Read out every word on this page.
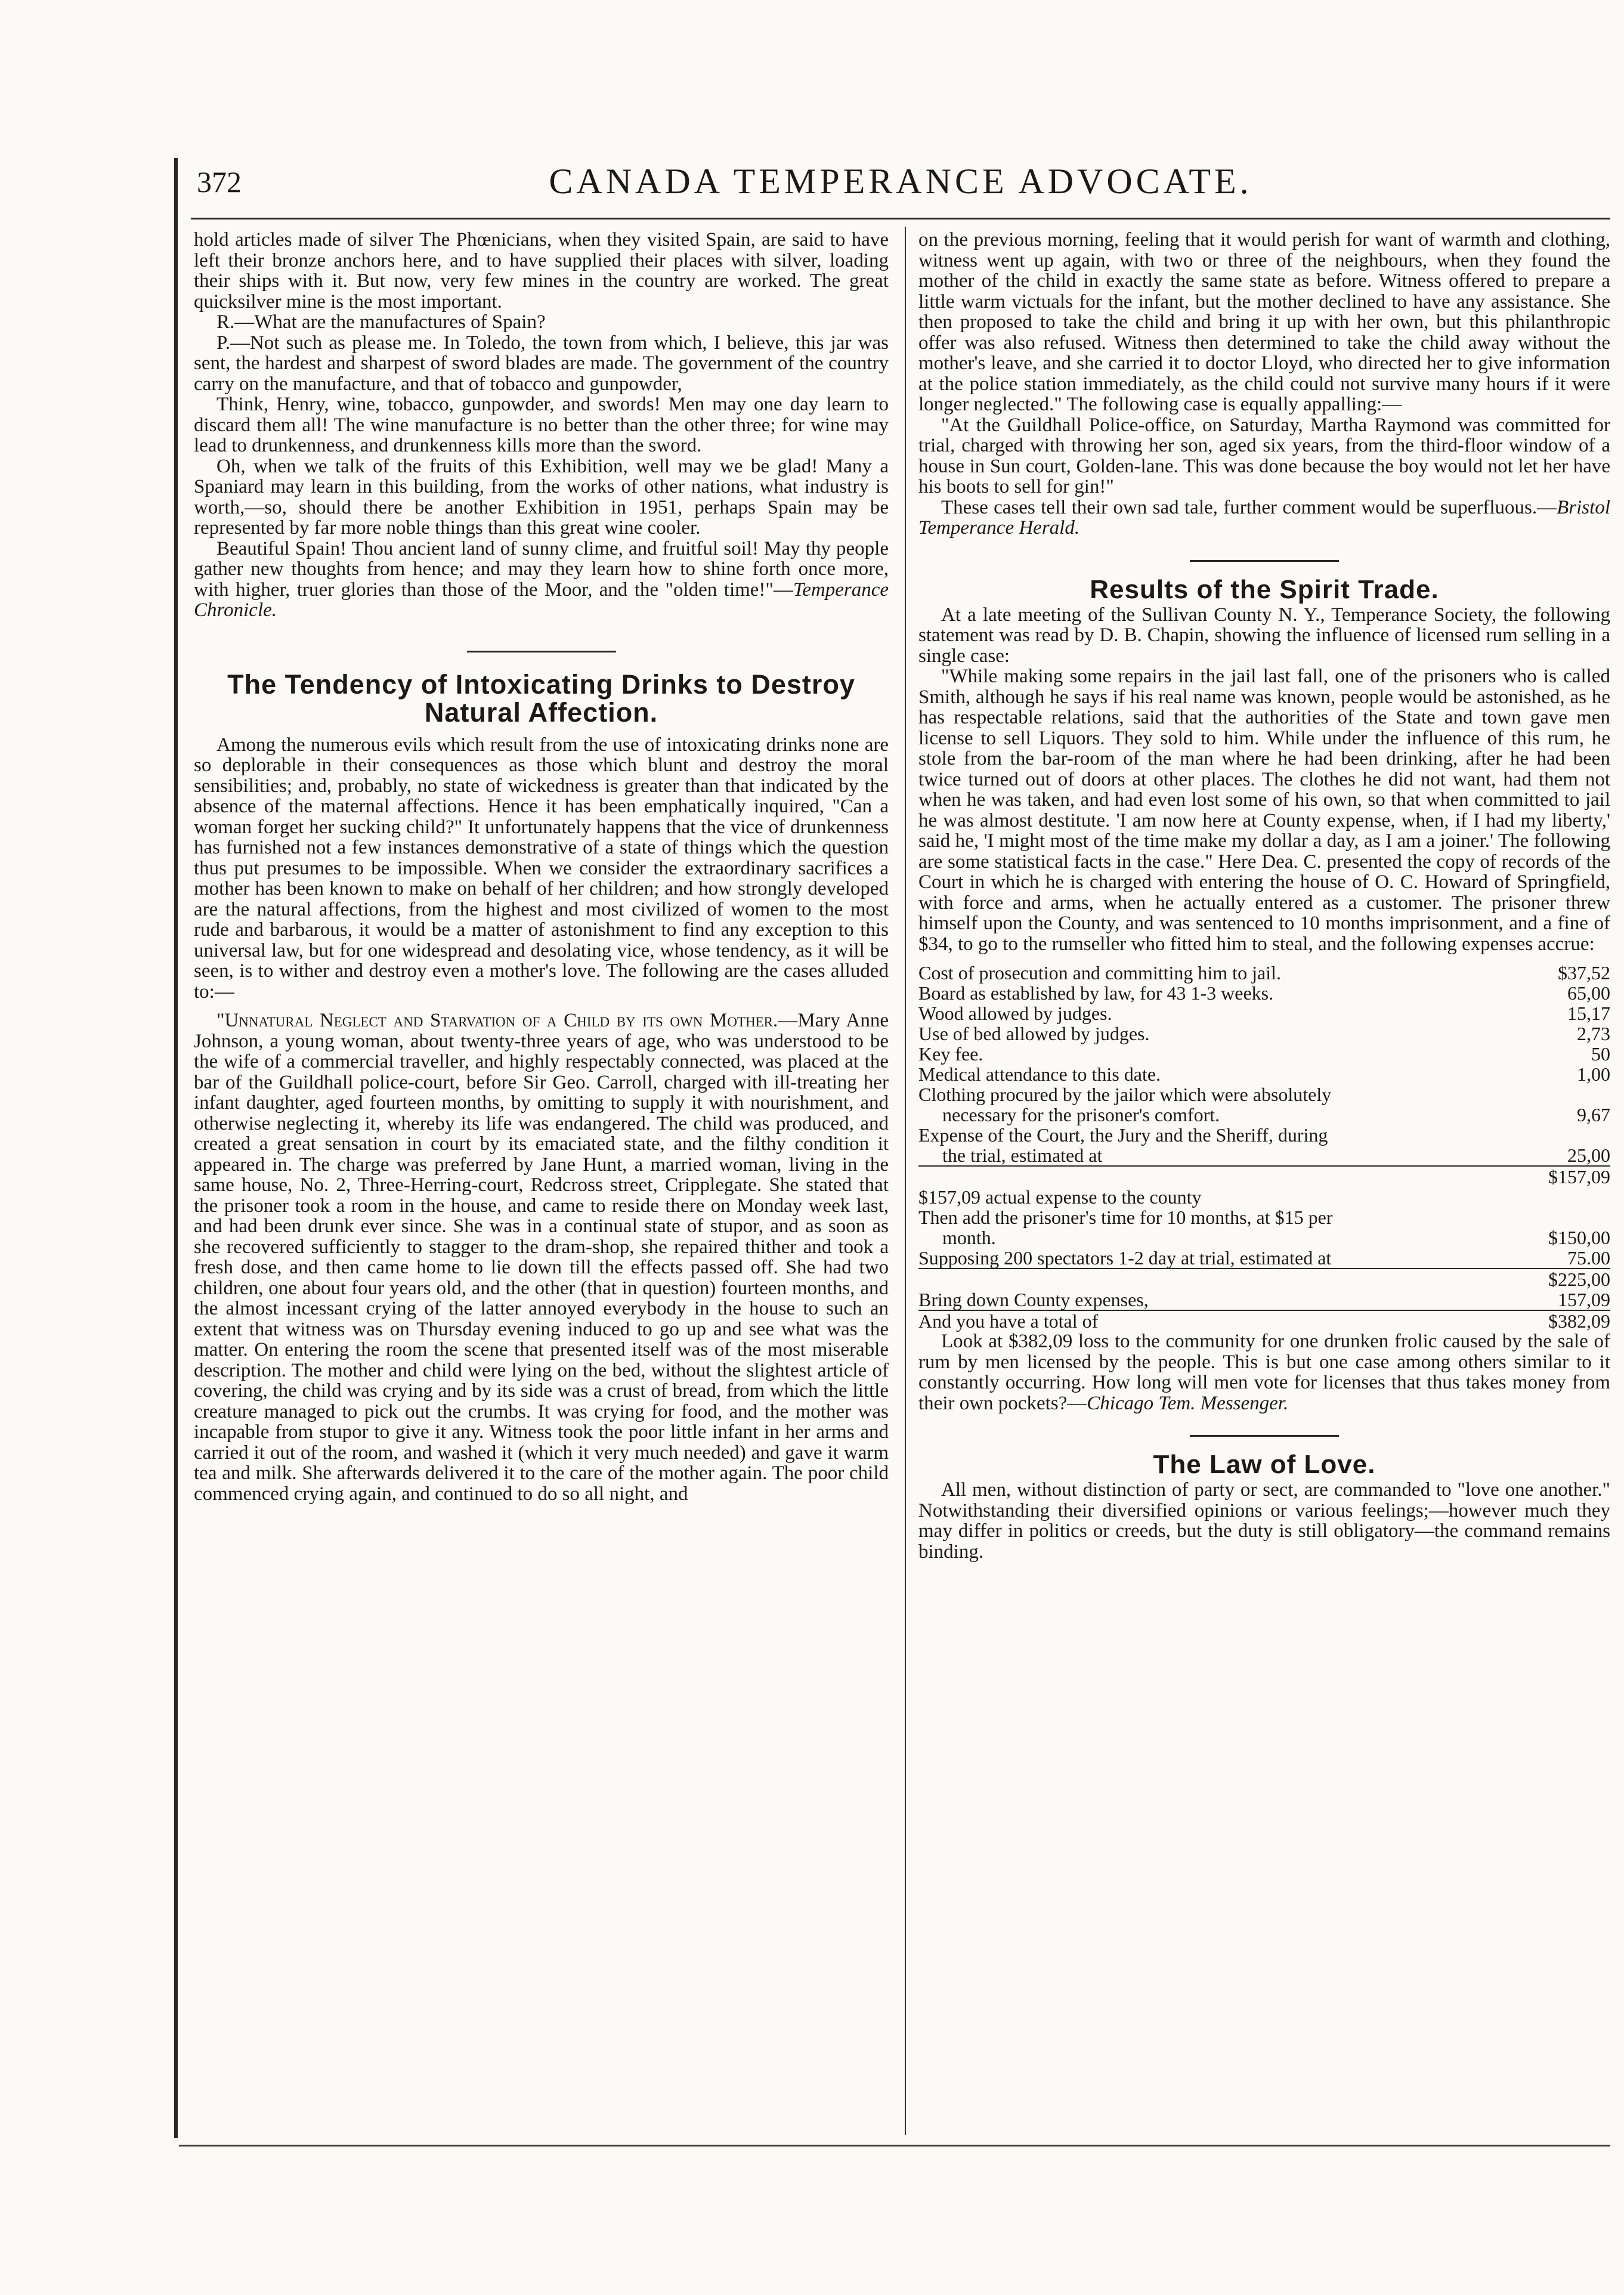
372	CANADA TEMPERANCE ADVOCATE.

hold articles made of silver The Phœnicians, when they visited Spain, are said to have left their bronze anchors here, and to have supplied their places with silver, loading their ships with it. But now, very few mines in the country are worked. The great quicksilver mine is the most important.

R.—What are the manufactures of Spain?

P.—Not such as please me. In Toledo, the town from which, I believe, this jar was sent, the hardest and sharpest of sword blades are made. The government of the country carry on the manufacture, and that of tobacco and gunpowder,

Think, Henry, wine, tobacco, gunpowder, and swords! Men may one day learn to discard them all! The wine manufacture is no better than the other three; for wine may lead to drunkenness, and drunkenness kills more than the sword.

Oh, when we talk of the fruits of this Exhibition, well may we be glad! Many a Spaniard may learn in this building, from the works of other nations, what industry is worth,—so, should there be another Exhibition in 1951, perhaps Spain may be represented by far more noble things than this great wine cooler.

Beautiful Spain! Thou ancient land of sunny clime, and fruitful soil! May thy people gather new thoughts from hence; and may they learn how to shine forth once more, with higher, truer glories than those of the Moor, and the "olden time!"—Temperance Chronicle.

The Tendency of Intoxicating Drinks to Destroy Natural Affection.

Among the numerous evils which result from the use of intoxicating drinks none are so deplorable in their consequences as those which blunt and destroy the moral sensibilities; and, probably, no state of wickedness is greater than that indicated by the absence of the maternal affections. Hence it has been emphatically inquired, "Can a woman forget her sucking child?" It unfortunately happens that the vice of drunkenness has furnished not a few instances demonstrative of a state of things which the question thus put presumes to be impossible. When we consider the extraordinary sacrifices a mother has been known to make on behalf of her children; and how strongly developed are the natural affections, from the highest and most civilized of women to the most rude and barbarous, it would be a matter of astonishment to find any exception to this universal law, but for one widespread and desolating vice, whose tendency, as it will be seen, is to wither and destroy even a mother's love. The following are the cases alluded to:—

"Unnatural Neglect and Starvation of a Child by its own Mother.—Mary Anne Johnson, a young woman, about twenty-three years of age, who was understood to be the wife of a commercial traveller, and highly respectably connected, was placed at the bar of the Guildhall police-court, before Sir Geo. Carroll, charged with ill-treating her infant daughter, aged fourteen months, by omitting to supply it with nourishment, and otherwise neglecting it, whereby its life was endangered. The child was produced, and created a great sensation in court by its emaciated state, and the filthy condition it appeared in. The charge was preferred by Jane Hunt, a married woman, living in the same house, No. 2, Three-Herring-court, Redcross street, Cripplegate. She stated that the prisoner took a room in the house, and came to reside there on Monday week last, and had been drunk ever since. She was in a continual state of stupor, and as soon as she recovered sufficiently to stagger to the dram-shop, she repaired thither and took a fresh dose, and then came home to lie down till the effects passed off. She had two children, one about four years old, and the other (that in question) fourteen months, and the almost incessant crying of the latter annoyed everybody in the house to such an extent that witness was on Thursday evening induced to go up and see what was the matter. On entering the room the scene that presented itself was of the most miserable description. The mother and child were lying on the bed, without the slightest article of covering, the child was crying and by its side was a crust of bread, from which the little creature managed to pick out the crumbs. It was crying for food, and the mother was incapable from stupor to give it any. Witness took the poor little infant in her arms and carried it out of the room, and washed it (which it very much needed) and gave it warm tea and milk. She afterwards delivered it to the care of the mother again. The poor child commenced crying again, and continued to do so all night, and

on the previous morning, feeling that it would perish for want of warmth and clothing, witness went up again, with two or three of the neighbours, when they found the mother of the child in exactly the same state as before. Witness offered to prepare a little warm victuals for the infant, but the mother declined to have any assistance. She then proposed to take the child and bring it up with her own, but this philanthropic offer was also refused. Witness then determined to take the child away without the mother's leave, and she carried it to doctor Lloyd, who directed her to give information at the police station immediately, as the child could not survive many hours if it were longer neglected." The following case is equally appalling:—

"At the Guildhall Police-office, on Saturday, Martha Raymond was committed for trial, charged with throwing her son, aged six years, from the third-floor window of a house in Sun court, Golden-lane. This was done because the boy would not let her have his boots to sell for gin!"

These cases tell their own sad tale, further comment would be superfluous.—Bristol Temperance Herald.

Results of the Spirit Trade.

At a late meeting of the Sullivan County N. Y., Temperance Society, the following statement was read by D. B. Chapin, showing the influence of licensed rum selling in a single case:

"While making some repairs in the jail last fall, one of the prisoners who is called Smith, although he says if his real name was known, people would be astonished, as he has respectable relations, said that the authorities of the State and town gave men license to sell Liquors. They sold to him. While under the influence of this rum, he stole from the bar-room of the man where he had been drinking, after he had been twice turned out of doors at other places. The clothes he did not want, had them not when he was taken, and had even lost some of his own, so that when committed to jail he was almost destitute. 'I am now here at County expense, when, if I had my liberty,' said he, 'I might most of the time make my dollar a day, as I am a joiner.' The following are some statistical facts in the case." Here Dea. C. presented the copy of records of the Court in which he is charged with entering the house of O. C. Howard of Springfield, with force and arms, when he actually entered as a customer. The prisoner threw himself upon the County, and was sentenced to 10 months imprisonment, and a fine of $34, to go to the rumseller who fitted him to steal, and the following expenses accrue:

Cost of prosecution and committing him to jail.	$37,52
Board as established by law, for 43 1-3 weeks.	65,00
Wood allowed by judges.	15,17
Use of bed allowed by judges.	2,73
Key fee.	50
Medical attendance to this date.	1,00
Clothing procured by the jailor which were absolutely
necessary for the prisoner's comfort.	9,67
Expense of the Court, the Jury and the Sheriff, during
the trial, estimated at	25,00
$157,09
$157,09 actual expense to the county
Then add the prisoner's time for 10 months, at $15 per
month.	$150,00
Supposing 200 spectators 1-2 day at trial, estimated at	75.00
$225,00
Bring down County expenses,	157,09
And you have a total of	$382,09

Look at $382,09 loss to the community for one drunken frolic caused by the sale of rum by men licensed by the people. This is but one case among others similar to it constantly occurring. How long will men vote for licenses that thus takes money from their own pockets?—Chicago Tem. Messenger.

The Law of Love.

All men, without distinction of party or sect, are commanded to "love one another." Notwithstanding their diversified opinions or various feelings;—however much they may differ in politics or creeds, but the duty is still obligatory—the command remains binding.
